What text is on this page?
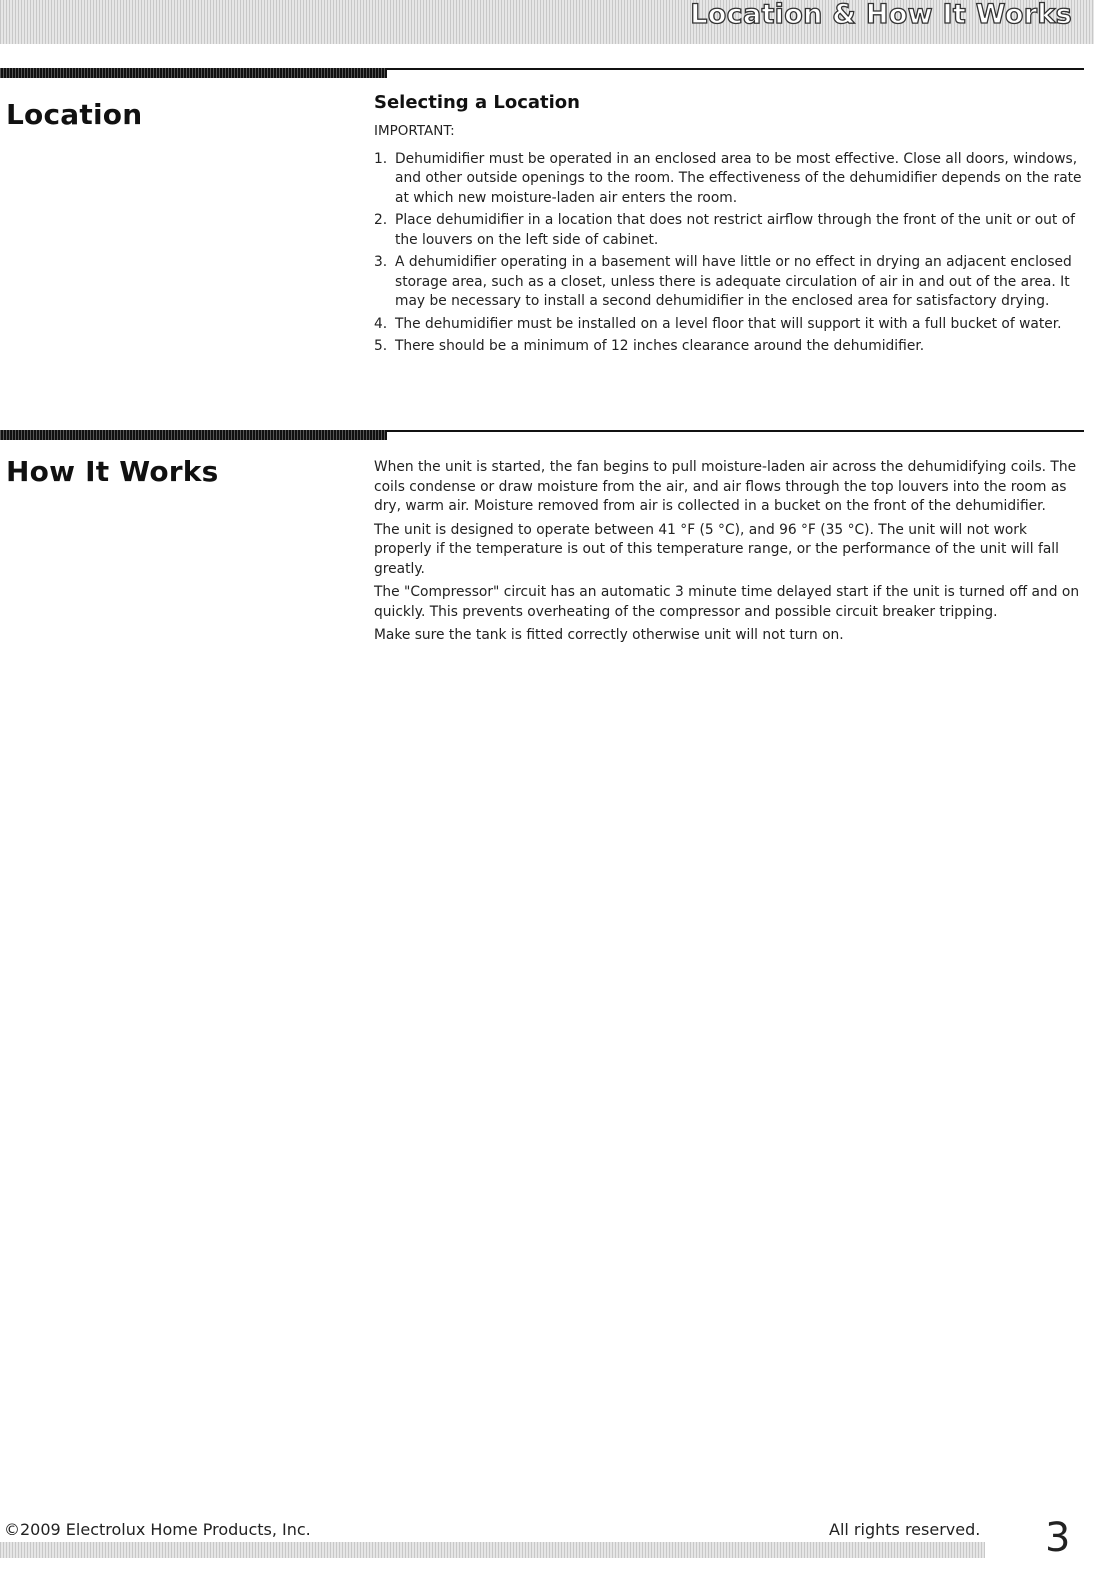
Location & How It Works
Location	Selecting a Location
IMPORTANT:
1. Dehumidifier must be operated in an enclosed area to be most effective. Close all doors, windows, and other outside openings to the room. The effectiveness of the dehumidifier depends on the rate at which new moisture-laden air enters the room.
2. Place dehumidifier in a location that does not restrict airflow through the front of the unit or out of the louvers on the left side of cabinet.
3. A dehumidifier operating in a basement will have little or no effect in drying an adjacent enclosed storage area, such as a closet, unless there is adequate circulation of air in and out of the area. It may be necessary to install a second dehumidifier in the enclosed area for satisfactory drying.
4. The dehumidifier must be installed on a level floor that will support it with a full bucket of water.
5. There should be a minimum of 12 inches clearance around the dehumidifier.
How It Works	When the unit is started, the fan begins to pull moisture-laden air across the dehumidifying coils. The coils condense or draw moisture from the air, and air flows through the top louvers into the room as dry, warm air. Moisture removed from air is collected in a bucket on the front of the dehumidifier.

The unit is designed to operate between 41 °F (5 °C), and 96 °F (35 °C). The unit will not work properly if the temperature is out of this temperature range, or the performance of the unit will fall greatly.

The "Compressor" circuit has an automatic 3 minute time delayed start if the unit is turned off and on quickly. This prevents overheating of the compressor and possible circuit breaker tripping.

Make sure the tank is fitted correctly otherwise unit will not turn on.

©2009 Electrolux Home Products, Inc.	All rights reserved. 3
